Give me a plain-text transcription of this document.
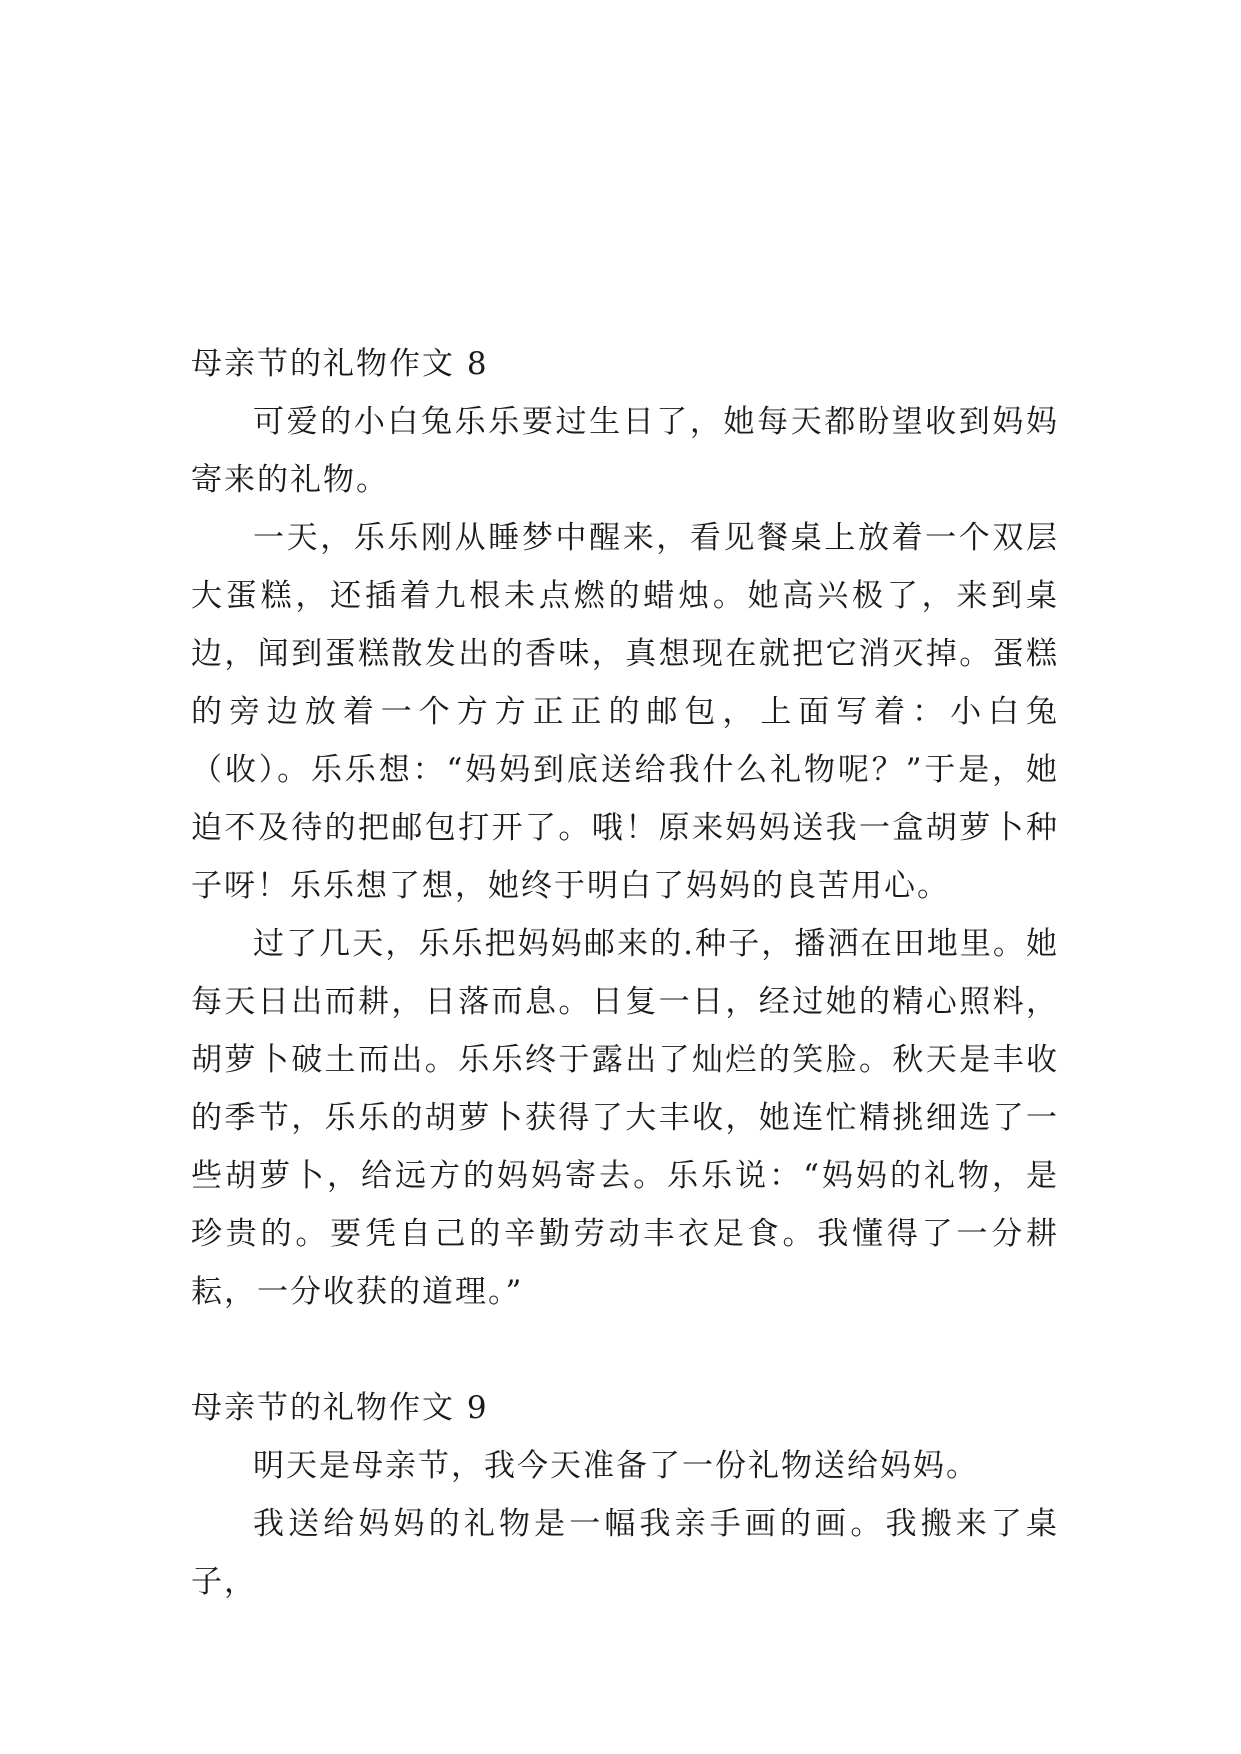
母亲节的礼物作文 8

可爱的小白兔乐乐要过生日了，她每天都盼望收到妈妈寄来的礼物。

一天，乐乐刚从睡梦中醒来，看见餐桌上放着一个双层大蛋糕，还插着九根未点燃的蜡烛。她高兴极了，来到桌边，闻到蛋糕散发出的香味，真想现在就把它消灭掉。蛋糕的旁边放着一个方方正正的邮包，上面写着：小白兔（收）。乐乐想：“妈妈到底送给我什么礼物呢？”于是，她迫不及待的把邮包打开了。哦！原来妈妈送我一盒胡萝卜种子呀！乐乐想了想，她终于明白了妈妈的良苦用心。

过了几天，乐乐把妈妈邮来的.种子，播洒在田地里。她每天日出而耕，日落而息。日复一日，经过她的精心照料，胡萝卜破土而出。乐乐终于露出了灿烂的笑脸。秋天是丰收的季节，乐乐的胡萝卜获得了大丰收，她连忙精挑细选了一些胡萝卜，给远方的妈妈寄去。乐乐说：“妈妈的礼物，是珍贵的。要凭自己的辛勤劳动丰衣足食。我懂得了一分耕耘，一分收获的道理。”

母亲节的礼物作文 9

明天是母亲节，我今天准备了一份礼物送给妈妈。

我送给妈妈的礼物是一幅我亲手画的画。我搬来了桌子，
